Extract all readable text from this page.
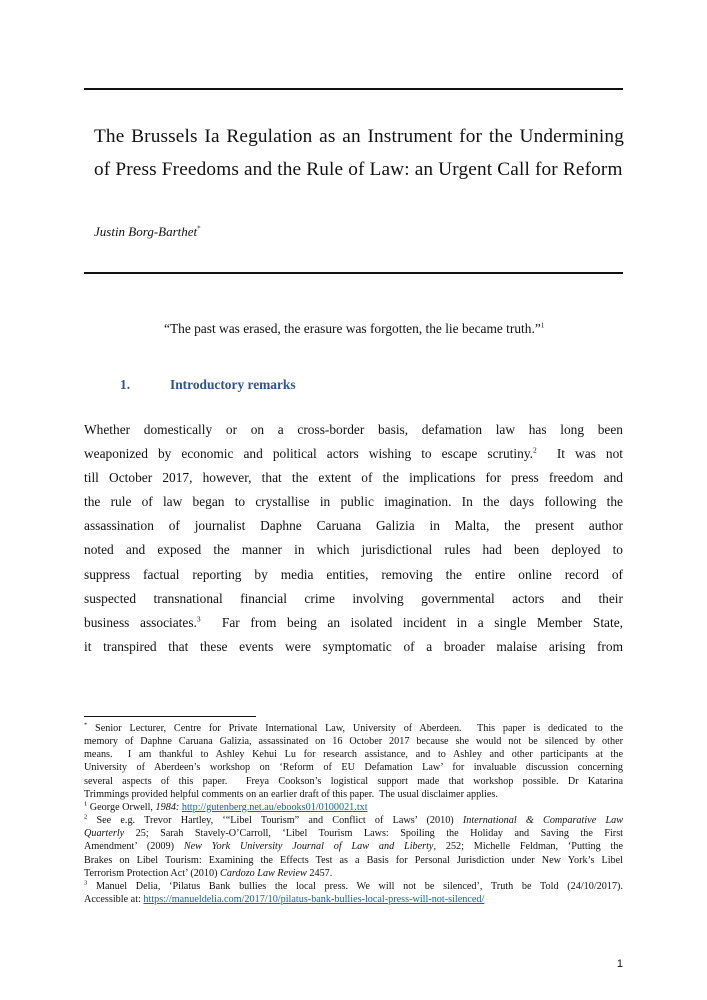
The Brussels Ia Regulation as an Instrument for the Undermining of Press Freedoms and the Rule of Law: an Urgent Call for Reform

Justin Borg-Barthet*

“The past was erased, the erasure was forgotten, the lie became truth.”$^1$

1.	Introductory remarks
Whether domestically or on a cross-border basis, defamation law has long been
weaponized by economic and political actors wishing to escape scrutiny.$^2$  It was not
till October 2017, however, that the extent of the implications for press freedom and
the rule of law began to crystallise in public imagination. In the days following the
assassination of journalist Daphne Caruana Galizia in Malta, the present author
noted and exposed the manner in which jurisdictional rules had been deployed to
suppress factual reporting by media entities, removing the entire online record of
suspected transnational financial crime involving governmental actors and their
business associates.$^3$  Far from being an isolated incident in a single Member State,
it transpired that these events were symptomatic of a broader malaise arising from
* Senior Lecturer, Centre for Private International Law, University of Aberdeen.  This paper is dedicated to the
memory of Daphne Caruana Galizia, assassinated on 16 October 2017 because she would not be silenced by other
means.  I am thankful to Ashley Kehui Lu for research assistance, and to Ashley and other participants at the
University of Aberdeen’s workshop on ‘Reform of EU Defamation Law’ for invaluable discussion concerning
several aspects of this paper.  Freya Cookson’s logistical support made that workshop possible. Dr Katarina
Trimmings provided helpful comments on an earlier draft of this paper.  The usual disclaimer applies.
$^1$ George Orwell, 1984: http://gutenberg.net.au/ebooks01/0100021.txt
$^2$ See e.g. Trevor Hartley, ‘“Libel Tourism” and Conflict of Laws’ (2010) International & Comparative Law
Quarterly 25; Sarah Stavely-O’Carroll, ‘Libel Tourism Laws: Spoiling the Holiday and Saving the First
Amendment’ (2009) New York University Journal of Law and Liberty, 252; Michelle Feldman, ‘Putting the
Brakes on Libel Tourism: Examining the Effects Test as a Basis for Personal Jurisdiction under New York’s Libel
Terrorism Protection Act’ (2010) Cardozo Law Review 2457.
$^3$ Manuel Delia, ‘Pilatus Bank bullies the local press. We will not be silenced’, Truth be Told (24/10/2017).
Accessible at: https://manueldelia.com/2017/10/pilatus-bank-bullies-local-press-will-not-silenced/

1
